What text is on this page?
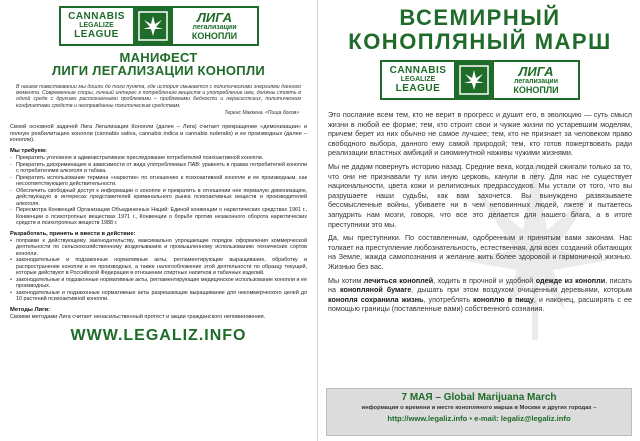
CANNABIS
LEGALIZE
LEAGUE
ЛИГА
легализации
КОНОПЛИ
МАНИФЕСТ
ЛИГИ ЛЕГАЛИЗАЦИИ КОНОПЛИ
В нашем повествовании мы дошли до того пункта, где история смыкается с политическими энергиями данного момента. Современные споры, личный интерес к потреблению веществ и употребление ими, должны стоять в одной среде с другими распознанными проблемами – проблемами бедности и нерасистских, политическим конфликтами средств и неоправданны политическим средствам.
Теренс Маккена. «Пища богов»
Своей основной задачей Лига Легализации Конопли (далее – Лига) считает прекращение «демонизации» и полную реабилитацию конопли (cannabis sativa, cannabis indica и cannabis ruderalis) и ее производных (далее – конопли).
Мы требуем:
- Прекратить уголовное и административное преследование потребителей психоактивной конопли.
- Прекратить дискриминацию в зависимости от вида употребляемых ПАВ: уравнять в правах потребителей конопли с потребителями алкоголя и табака.
- Прекратить использование термина «наркотик» по отношению к психоактивной конопле и ее производным, как несоответствующего действительности.
- Обеспечить свободный доступ к информации о конопле и прекратить в отношении нее пермалую демонизацию, действующую в интересах представителей криминального рынка психоактивных веществ и производителей алкоголя.
- Пересмотра Конвенций Организации Объединенных Наций: Единой конвенции о наркотических средствах 1961 г., Конвенции о психотропных веществах 1971 г., Конвенции о борьбе против незаконного оборота наркотических средств и психотропных веществ 1988 г.
Разработать, принять и ввести в действие:
• поправки к действующему законодательству, максимально упрощающие порядок оформления коммерческой деятельности по сельскохозяйственному возделыванию и промышленному использованию технических сортов конопли.
• законодательные и подзаконные нормативные акты, регламентирующие выращивание, обработку и распространение конопли и ее производных, а также налогообложение этой деятельности по образцу текущей, которые действуют в Российской Федерации в отношении спиртных напитков и табачных изделий.
• законодательные и подзаконные нормативные акты, регламентирующие медицинское использование конопли и ее производных.
• законодательные и подзаконные нормативные акты разрешающие выращивание для некоммерческого целей до 10 растений психоактивной конопли.
Методы Лиги:
Своими методами Лига считает ненасильственный протест и акции гражданского неповиновения.
WWW.LEGALIZ.INFO
ВСЕМИРНЫЙ
КОНОПЛЯНЫЙ МАРШ
CANNABIS
LEGALIZE
LEAGUE
ЛИГА
легализации
КОНОПЛИ
Это послание всем тем, кто не верит в прогресс и душит его, в эволюцию — суть смысл жизни в любой ее форме; тем, кто строит свои и чужие жизни по устаревшим моделям, причем берет из них обычно не самое лучшее; тем, кто не признает за человеком право свободного выбора, данного ему самой природой; тем, кто готов пожертвовать ради реализации властных амбиций и сиюминутной наживы чужими жизнями.
Мы не дадим повернуть историю назад. Средние века, когда людей сжигали только за то, что они не признавали ту или иную церковь, канули в лету. Для нас не существует национальности, цвета кожи и религиозных предрассудков. Мы устали от того, что вы разрушаете наши судьбы, как вам захочется. Вы вынуждено развязываете бессмысленные войны, убиваете ни в чем неповинных людей, лжете и пытаетесь запудрить нам мозги, говоря, что все это делается для нашего блага, а в итоге преступники это мы.
Да, мы преступники. По составленным, одобренным и принятым вами законам. Нас толкает на преступление любознательность, естественная, для всех созданий обитающих на Земле, жажда самопознания и желание жить более здоровой и гармоничной жизнью. Жизнью без вас.
Мы хотим лечиться коноплей, ходить в прочной и удобной одежде из конопли, писать на конопляной бумаге, дышать при этом воздухом очищенным деревьями, которым конопля сохранила жизнь, употреблять коноплю в пищу, и наконец, расширять с ее помощью границы (поставленные вами) собственного сознания.
7 МАЯ – Global Marijuana March
информация о времени и месте конопляного марша в Москве и других городах –
http://www.legaliz.info • e-mail: legaliz@legaliz.info
